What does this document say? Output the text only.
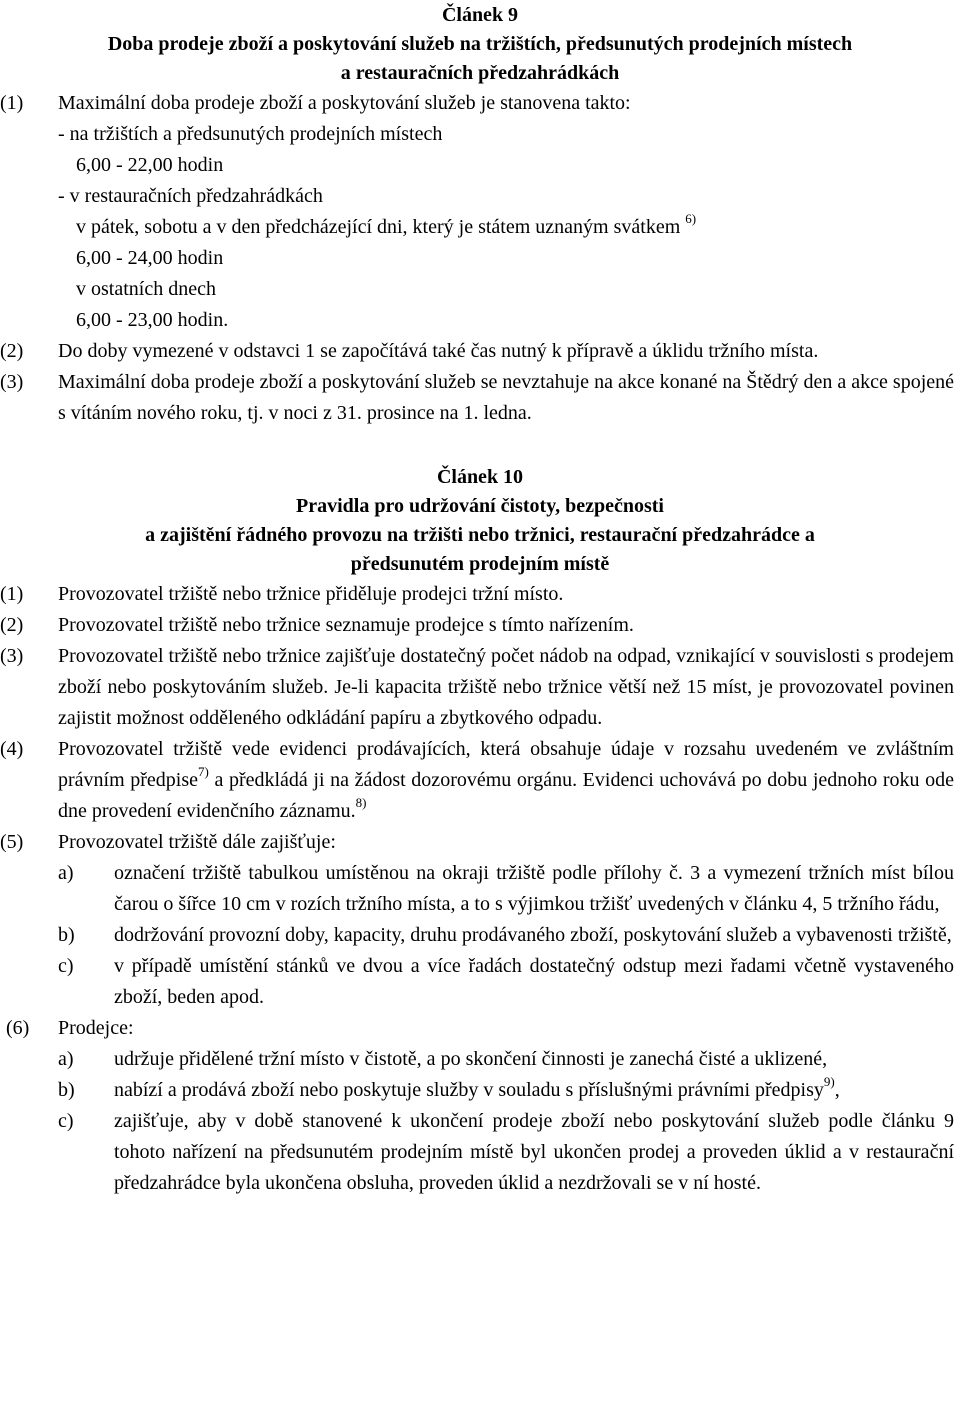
Článek 9

Doba prodeje zboží a poskytování služeb na tržištích, předsunutých prodejních místech

a restauračních předzahrádkách

(1)	Maximální doba prodeje zboží a poskytování služeb je stanovena takto:

- na tržištích a předsunutých prodejních místech

6,00 - 22,00 hodin

- v restauračních předzahrádkách

v pátek, sobotu a v den předcházející dni, který je státem uznaným svátkem $^{6)}$

6,00 - 24,00 hodin

v ostatních dnech

6,00 - 23,00 hodin.

(2)	Do doby vymezené v odstavci 1 se započítává také čas nutný k přípravě a úklidu tržního místa.
(3)	Maximální doba prodeje zboží a poskytování služeb se nevztahuje na akce konané na Štědrý den a akce spojené s vítáním nového roku, tj. v noci z 31. prosince na 1. ledna.

Článek 10

Pravidla pro udržování čistoty, bezpečnosti

a zajištění řádného provozu na tržišti nebo tržnici, restaurační předzahrádce a

předsunutém prodejním místě

(1)	Provozovatel tržiště nebo tržnice přiděluje prodejci tržní místo.
(2)	Provozovatel tržiště nebo tržnice seznamuje prodejce s tímto nařízením.
(3)	Provozovatel tržiště nebo tržnice zajišťuje dostatečný počet nádob na odpad, vznikající v souvislosti s prodejem zboží nebo poskytováním služeb. Je-li kapacita tržiště nebo tržnice větší než 15 míst, je provozovatel povinen zajistit možnost odděleného odkládání papíru a zbytkového odpadu.
(4)	Provozovatel tržiště vede evidenci prodávajících, která obsahuje údaje v rozsahu uvedeném ve zvláštním právním předpise$^{7)}$ a předkládá ji na žádost dozorovému orgánu. Evidenci uchovává po dobu jednoho roku ode dne provedení evidenčního záznamu.$^{8)}$
(5)	Provozovatel tržiště dále zajišťuje:
a)	označení tržiště tabulkou umístěnou na okraji tržiště podle přílohy č. 3 a vymezení tržních míst bílou čarou o šířce 10 cm v rozích tržního místa, a to s výjimkou tržišť uvedených v článku 4, 5 tržního řádu,
b)	dodržování provozní doby, kapacity, druhu prodávaného zboží, poskytování služeb a vybavenosti tržiště,
c)	v případě umístění stánků ve dvou a více řadách dostatečný odstup mezi řadami včetně vystaveného zboží, beden apod.
(6)	Prodejce:
a)	udržuje přidělené tržní místo v čistotě, a po skončení činnosti je zanechá čisté a uklizené,
b)	nabízí a prodává zboží nebo poskytuje služby v souladu s příslušnými právními předpisy$^{9)}$,
c)	zajišťuje, aby v době stanovené k ukončení prodeje zboží nebo poskytování služeb podle článku 9 tohoto nařízení na předsunutém prodejním místě byl ukončen prodej a proveden úklid a v restaurační předzahrádce byla ukončena obsluha, proveden úklid a nezdržovali se v ní hosté.
